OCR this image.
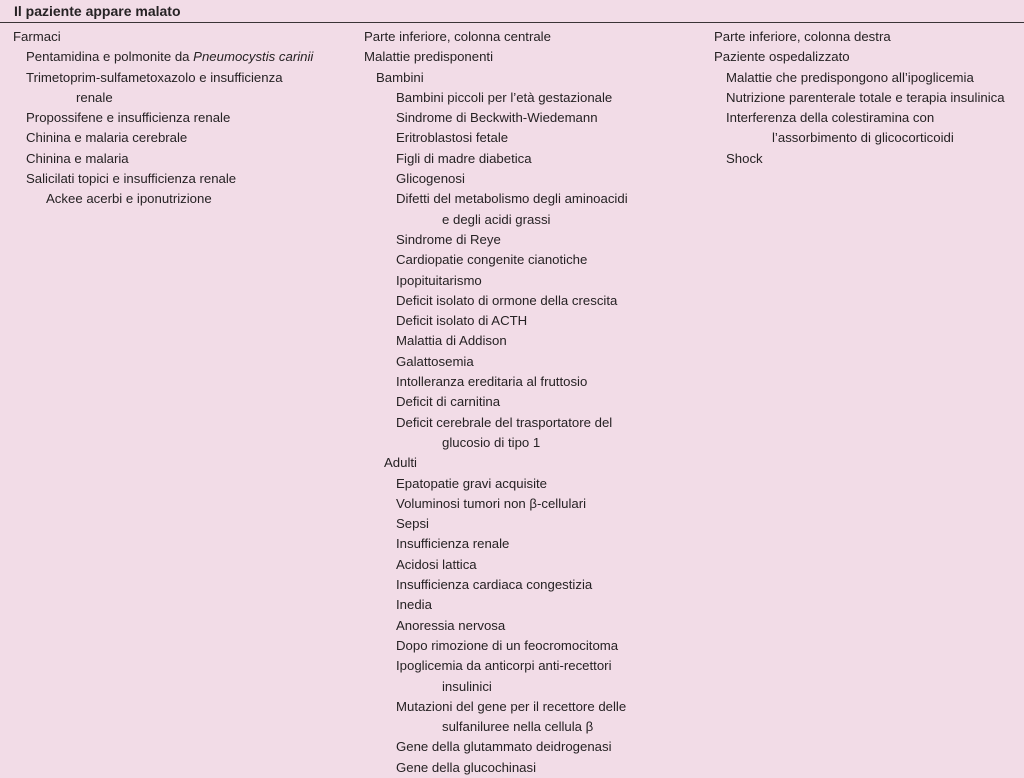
Il paziente appare malato
Farmaci
Pentamidina e polmonite da Pneumocystis carinii
Trimetoprim-sulfametoxazolo e insufficienza
renale
Propossifene e insufficienza renale
Chinina e malaria cerebrale
Chinina e malaria
Salicilati topici e insufficienza renale
Ackee acerbi e iponutrizione
Parte inferiore, colonna centrale
Malattie predisponenti
Bambini
Bambini piccoli per l’età gestazionale
Sindrome di Beckwith-Wiedemann
Eritroblastosi fetale
Figli di madre diabetica
Glicogenosi
Difetti del metabolismo degli aminoacidi
e degli acidi grassi
Sindrome di Reye
Cardiopatie congenite cianotiche
Ipopituitarismo
Deficit isolato di ormone della crescita
Deficit isolato di ACTH
Malattia di Addison
Galattosemia
Intolleranza ereditaria al fruttosio
Deficit di carnitina
Deficit cerebrale del trasportatore del
glucosio di tipo 1
Adulti
Epatopatie gravi acquisite
Voluminosi tumori non β-cellulari
Sepsi
Insufficienza renale
Acidosi lattica
Insufficienza cardiaca congestizia
Inedia
Anoressia nervosa
Dopo rimozione di un feocromocitoma
Ipoglicemia da anticorpi anti-recettori
insulinici
Mutazioni del gene per il recettore delle
sulfaniluree nella cellula β
Gene della glutammato deidrogenasi
Gene della glucochinasi
Parte inferiore, colonna destra
Paziente ospedalizzato
Malattie che predispongono all’ipoglicemia
Nutrizione parenterale totale e terapia insulinica
Interferenza della colestiramina con
l’assorbimento di glicocorticoidi
Shock
